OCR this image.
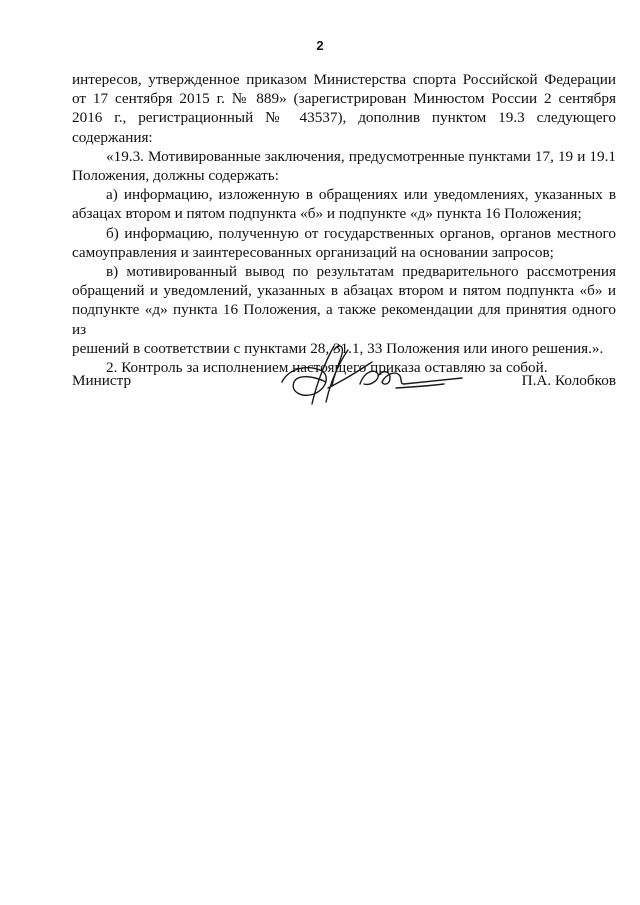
2
интересов, утвержденное приказом Министерства спорта Российской Федерации
от 17 сентября 2015 г. № 889» (зарегистрирован Минюстом России 2 сентября
2016 г., регистрационный № 43537), дополнив пунктом 19.3 следующего содержания:
«19.3. Мотивированные заключения, предусмотренные пунктами 17, 19 и 19.1
Положения, должны содержать:
а) информацию, изложенную в обращениях или уведомлениях, указанных в
абзацах втором и пятом подпункта «б» и подпункте «д» пункта 16 Положения;
б) информацию, полученную от государственных органов, органов местного
самоуправления и заинтересованных организаций на основании запросов;
в) мотивированный вывод по результатам предварительного рассмотрения
обращений и уведомлений, указанных в абзацах втором и пятом подпункта «б» и
подпункте «д» пункта 16 Положения, а также рекомендации для принятия одного из
решений в соответствии с пунктами 28, 31.1, 33 Положения или иного решения.».
2. Контроль за исполнением настоящего приказа оставляю за собой.
Министр	П.А. Колобков
